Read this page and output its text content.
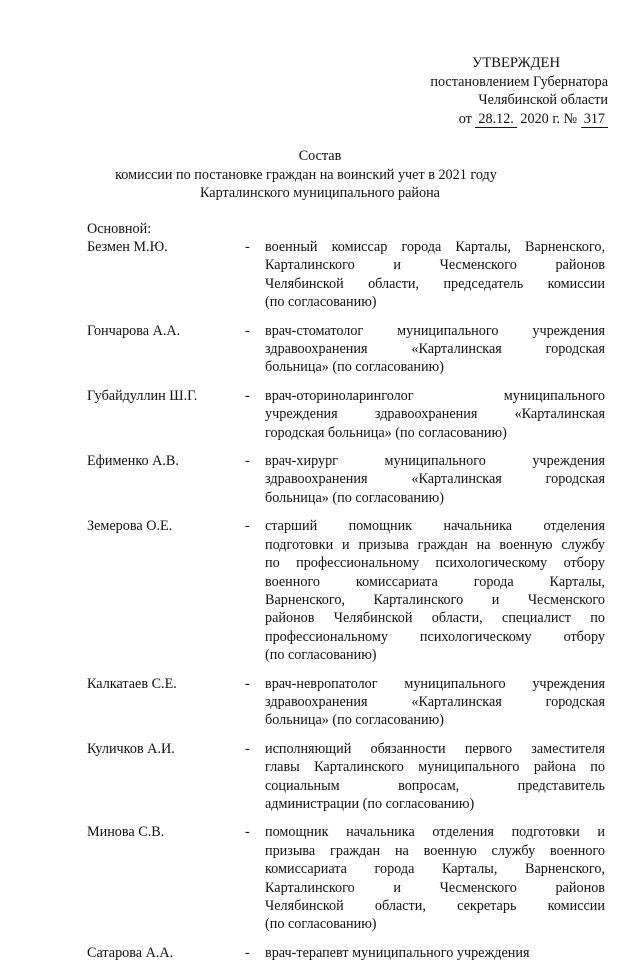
УТВЕРЖДЕН
постановлением Губернатора
Челябинской области
от 28.12. 2020 г. № 317
Состав
комиссии по постановке граждан на воинский учет в 2021 году
Карталинского муниципального района
Основной:
Безмен М.Ю.	-	военный комиссар города Карталы, Варненского,
Карталинского и Чесменского районов
Челябинской области, председатель комиссии
(по согласованию)
Гончарова А.А.	-	врач-стоматолог муниципального учреждения
здравоохранения «Карталинская городская
больница» (по согласованию)
Губайдуллин Ш.Г.	-	врач-оториноларинголог муниципального
учреждения здравоохранения «Карталинская
городская больница» (по согласованию)
Ефименко А.В.	-	врач-хирург муниципального учреждения
здравоохранения «Карталинская городская
больница» (по согласованию)
Земерова О.Е.	-	старший помощник начальника отделения
подготовки и призыва граждан на военную службу
по профессиональному психологическому отбору
военного комиссариата города Карталы,
Варненского, Карталинского и Чесменского
районов Челябинской области, специалист по
профессиональному психологическому отбору
(по согласованию)
Калкатаев С.Е.	-	врач-невропатолог муниципального учреждения
здравоохранения «Карталинская городская
больница» (по согласованию)
Куличков А.И.	-	исполняющий обязанности первого заместителя
главы Карталинского муниципального района по
социальным вопросам, представитель
администрации (по согласованию)
Минова С.В.	-	помощник начальника отделения подготовки и
призыва граждан на военную службу военного
комиссариата города Карталы, Варненского,
Карталинского и Чесменского районов
Челябинской области, секретарь комиссии
(по согласованию)
Сатарова А.А.	-	врач-терапевт муниципального учреждения
